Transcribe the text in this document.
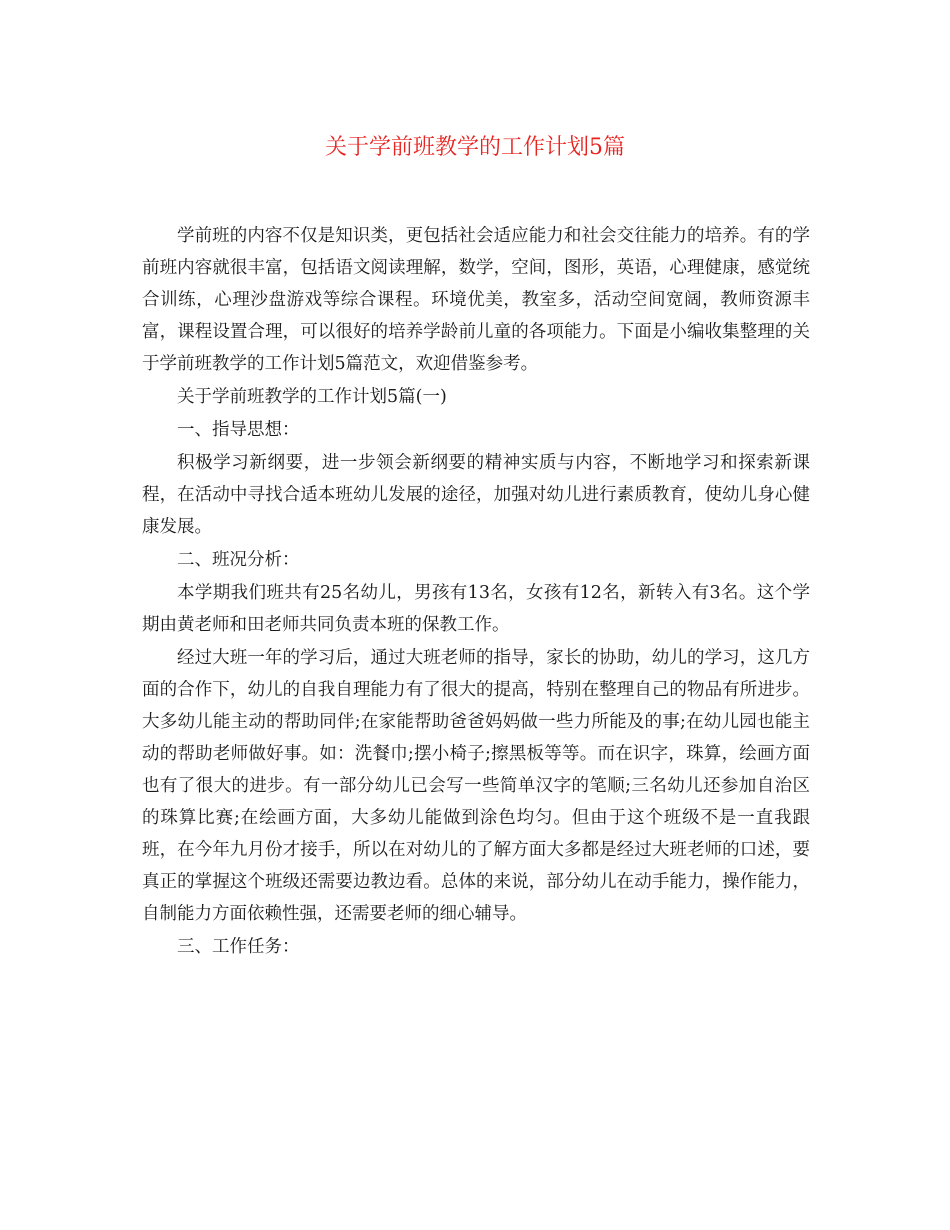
关于学前班教学的工作计划5篇

学前班的内容不仅是知识类，更包括社会适应能力和社会交往能力的培养。有的学前班内容就很丰富，包括语文阅读理解，数学，空间，图形，英语，心理健康，感觉统合训练，心理沙盘游戏等综合课程。环境优美，教室多，活动空间宽阔，教师资源丰富，课程设置合理，可以很好的培养学龄前儿童的各项能力。下面是小编收集整理的关于学前班教学的工作计划5篇范文，欢迎借鉴参考。

关于学前班教学的工作计划5篇(一)

一、指导思想：

积极学习新纲要，进一步领会新纲要的精神实质与内容，不断地学习和探索新课程，在活动中寻找合适本班幼儿发展的途径，加强对幼儿进行素质教育，使幼儿身心健康发展。

二、班况分析：

本学期我们班共有25名幼儿，男孩有13名，女孩有12名，新转入有3名。这个学期由黄老师和田老师共同负责本班的保教工作。

经过大班一年的学习后，通过大班老师的指导，家长的协助，幼儿的学习，这几方面的合作下，幼儿的自我自理能力有了很大的提高，特别在整理自己的物品有所进步。大多幼儿能主动的帮助同伴;在家能帮助爸爸妈妈做一些力所能及的事;在幼儿园也能主动的帮助老师做好事。如：洗餐巾;摆小椅子;擦黑板等等。而在识字，珠算，绘画方面也有了很大的进步。有一部分幼儿已会写一些简单汉字的笔顺;三名幼儿还参加自治区的珠算比赛;在绘画方面，大多幼儿能做到涂色均匀。但由于这个班级不是一直我跟班，在今年九月份才接手，所以在对幼儿的了解方面大多都是经过大班老师的口述，要真正的掌握这个班级还需要边教边看。总体的来说，部分幼儿在动手能力，操作能力，自制能力方面依赖性强，还需要老师的细心辅导。

三、工作任务：
